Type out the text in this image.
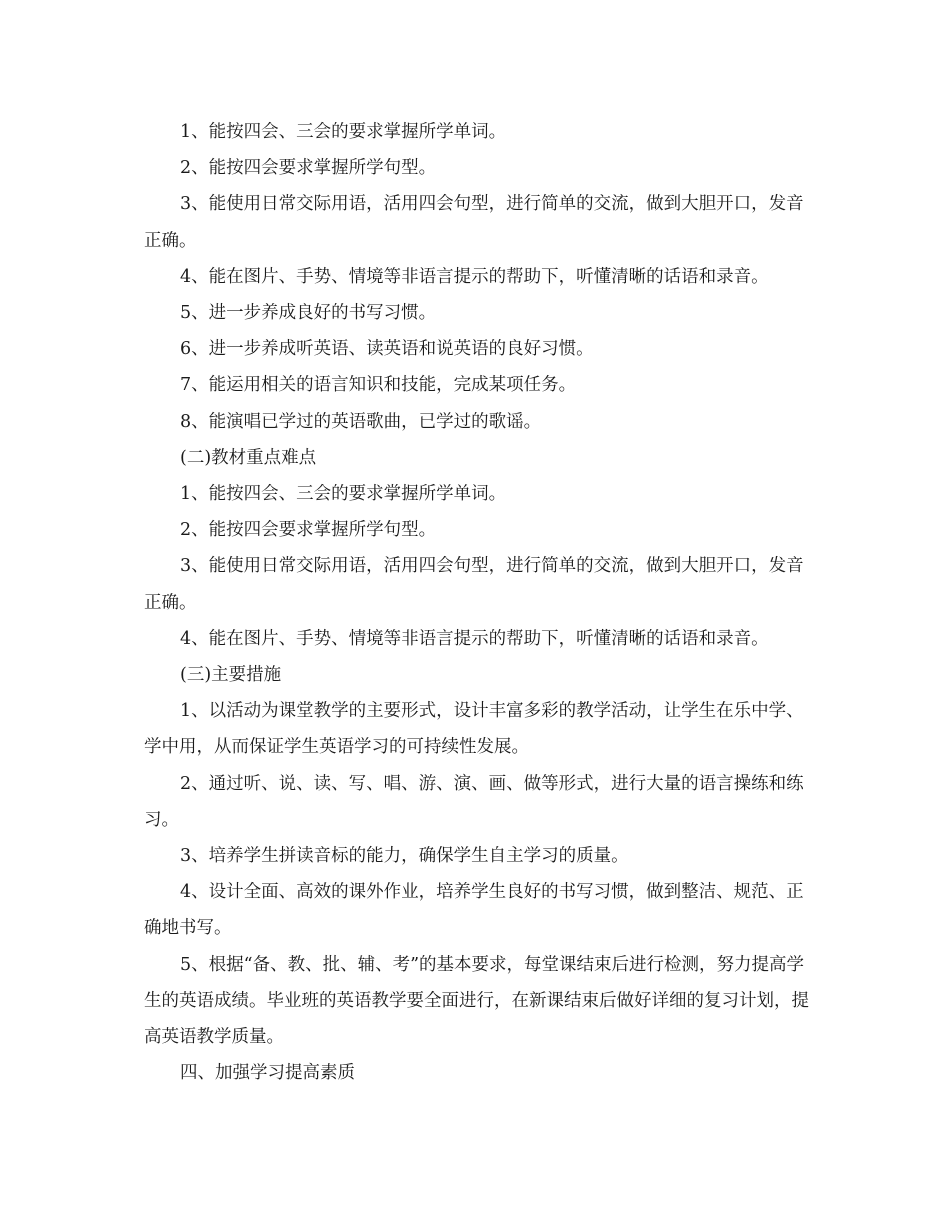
1、能按四会、三会的要求掌握所学单词。

2、能按四会要求掌握所学句型。

3、能使用日常交际用语，活用四会句型，进行简单的交流，做到大胆开口，发音正确。

4、能在图片、手势、情境等非语言提示的帮助下，听懂清晰的话语和录音。

5、进一步养成良好的书写习惯。

6、进一步养成听英语、读英语和说英语的良好习惯。

7、能运用相关的语言知识和技能，完成某项任务。

8、能演唱已学过的英语歌曲，已学过的歌谣。

(二)教材重点难点

1、能按四会、三会的要求掌握所学单词。

2、能按四会要求掌握所学句型。

3、能使用日常交际用语，活用四会句型，进行简单的交流，做到大胆开口，发音正确。

4、能在图片、手势、情境等非语言提示的帮助下，听懂清晰的话语和录音。

(三)主要措施

1、以活动为课堂教学的主要形式，设计丰富多彩的教学活动，让学生在乐中学、学中用，从而保证学生英语学习的可持续性发展。

2、通过听、说、读、写、唱、游、演、画、做等形式，进行大量的语言操练和练习。

3、培养学生拼读音标的能力，确保学生自主学习的质量。

4、设计全面、高效的课外作业，培养学生良好的书写习惯，做到整洁、规范、正确地书写。

5、根据“备、教、批、辅、考”的基本要求，每堂课结束后进行检测，努力提高学生的英语成绩。毕业班的英语教学要全面进行，在新课结束后做好详细的复习计划，提高英语教学质量。

四、加强学习提高素质
